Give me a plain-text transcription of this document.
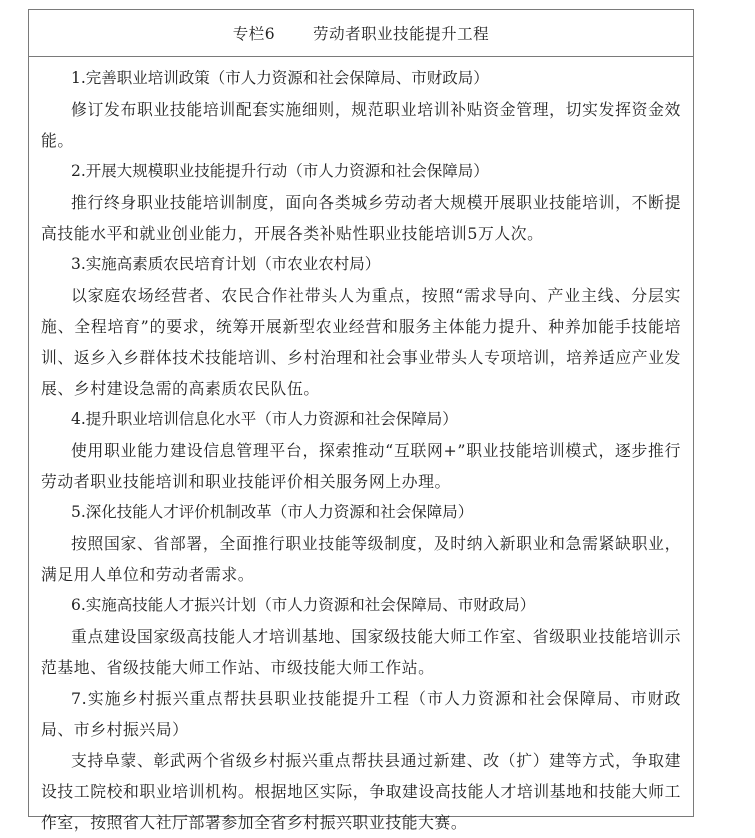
专栏6 劳动者职业技能提升工程
1.完善职业培训政策（市人力资源和社会保障局、市财政局）
修订发布职业技能培训配套实施细则，规范职业培训补贴资金管理，切实发挥资金效能。
2.开展大规模职业技能提升行动（市人力资源和社会保障局）
推行终身职业技能培训制度，面向各类城乡劳动者大规模开展职业技能培训，不断提高技能水平和就业创业能力，开展各类补贴性职业技能培训5万人次。
3.实施高素质农民培育计划（市农业农村局）
以家庭农场经营者、农民合作社带头人为重点，按照“需求导向、产业主线、分层实施、全程培育”的要求，统筹开展新型农业经营和服务主体能力提升、种养加能手技能培训、返乡入乡群体技术技能培训、乡村治理和社会事业带头人专项培训，培养适应产业发展、乡村建设急需的高素质农民队伍。
4.提升职业培训信息化水平（市人力资源和社会保障局）
使用职业能力建设信息管理平台，探索推动“互联网+”职业技能培训模式，逐步推行劳动者职业技能培训和职业技能评价相关服务网上办理。
5.深化技能人才评价机制改革（市人力资源和社会保障局）
按照国家、省部署，全面推行职业技能等级制度，及时纳入新职业和急需紧缺职业，满足用人单位和劳动者需求。
6.实施高技能人才振兴计划（市人力资源和社会保障局、市财政局）
重点建设国家级高技能人才培训基地、国家级技能大师工作室、省级职业技能培训示范基地、省级技能大师工作站、市级技能大师工作站。
7.实施乡村振兴重点帮扶县职业技能提升工程（市人力资源和社会保障局、市财政局、市乡村振兴局）
支持阜蒙、彰武两个省级乡村振兴重点帮扶县通过新建、改（扩）建等方式，争取建设技工院校和职业培训机构。根据地区实际，争取建设高技能人才培训基地和技能大师工作室，按照省人社厅部署参加全省乡村振兴职业技能大赛。
